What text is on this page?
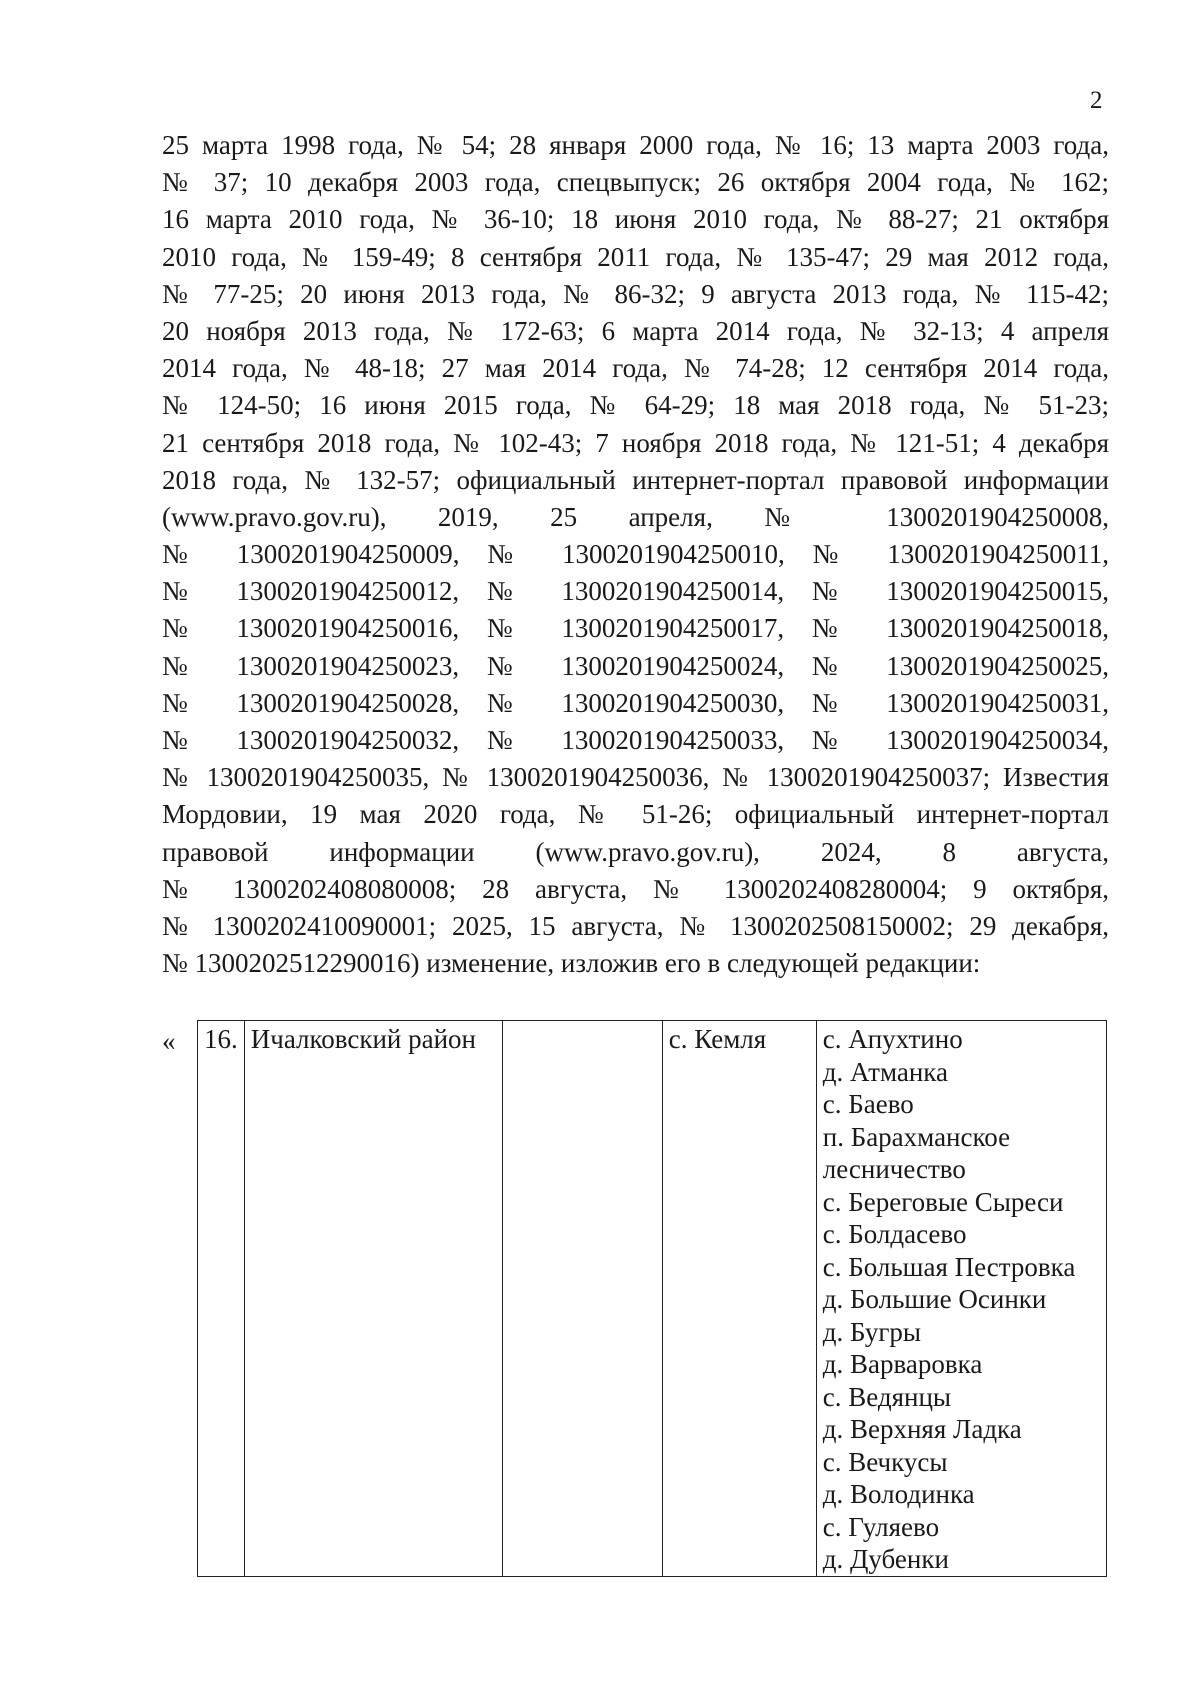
2
25 марта 1998 года, № 54; 28 января 2000 года, № 16; 13 марта 2003 года,
№ 37; 10 декабря 2003 года, спецвыпуск; 26 октября 2004 года, № 162;
16 марта 2010 года, № 36-10; 18 июня 2010 года, № 88-27; 21 октября
2010 года, № 159-49; 8 сентября 2011 года, № 135-47; 29 мая 2012 года,
№ 77-25; 20 июня 2013 года, № 86-32; 9 августа 2013 года, № 115-42;
20 ноября 2013 года, № 172-63; 6 марта 2014 года, № 32-13; 4 апреля
2014 года, № 48-18; 27 мая 2014 года, № 74-28; 12 сентября 2014 года,
№ 124-50; 16 июня 2015 года, № 64-29; 18 мая 2018 года, № 51-23;
21 сентября 2018 года, № 102-43; 7 ноября 2018 года, № 121-51; 4 декабря
2018 года, № 132-57; официальный интернет-портал правовой информации
(www.pravo.gov.ru), 2019, 25 апреля, № 1300201904250008,
№ 1300201904250009, № 1300201904250010, № 1300201904250011,
№ 1300201904250012, № 1300201904250014, № 1300201904250015,
№ 1300201904250016, № 1300201904250017, № 1300201904250018,
№ 1300201904250023, № 1300201904250024, № 1300201904250025,
№ 1300201904250028, № 1300201904250030, № 1300201904250031,
№ 1300201904250032, № 1300201904250033, № 1300201904250034,
№ 1300201904250035, № 1300201904250036, № 1300201904250037; Известия
Мордовии, 19 мая 2020 года, № 51-26; официальный интернет-портал
правовой информации (www.pravo.gov.ru), 2024, 8 августа,
№ 1300202408080008; 28 августа, № 1300202408280004; 9 октября,
№ 1300202410090001; 2025, 15 августа, № 1300202508150002; 29 декабря,
№ 1300202512290016) изменение, изложив его в следующей редакции:
« 16.	Ичалковский район		с. Кемля	с. Апухтино
д. Атманка
с. Баево
п. Барахманское
лесничество
с. Береговые Сыреси
с. Болдасево
с. Большая Пестровка
д. Большие Осинки
д. Бугры
д. Варваровка
с. Ведянцы
д. Верхняя Ладка
с. Вечкусы
д. Володинка
с. Гуляево
д. Дубенки
